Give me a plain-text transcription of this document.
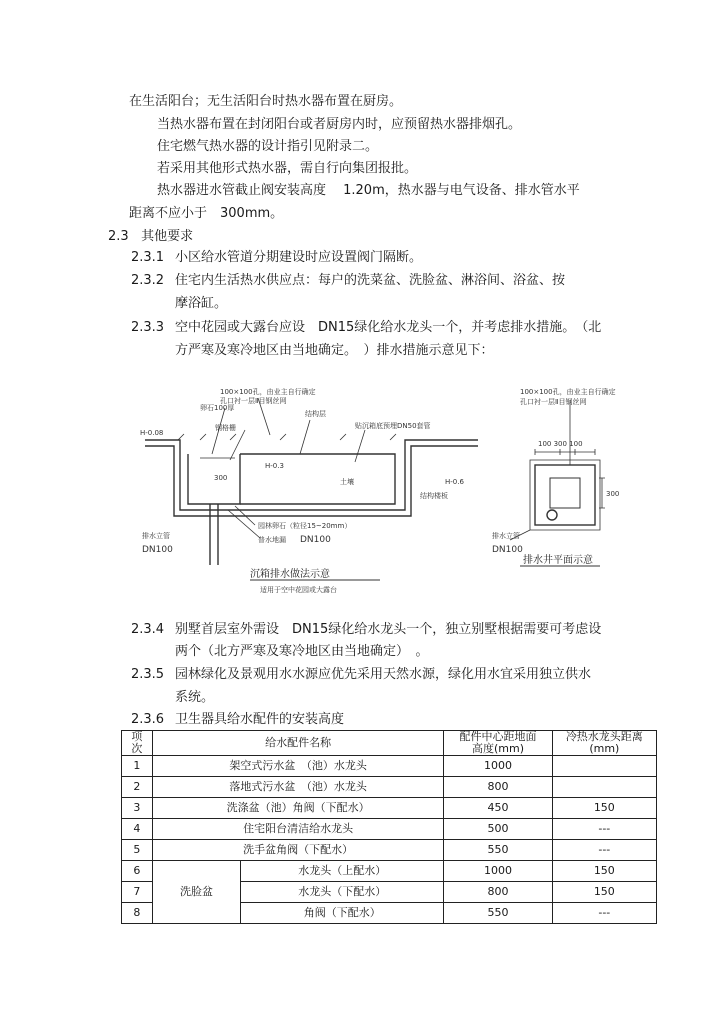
在生活阳台；无生活阳台时热水器布置在厨房。
当热水器布置在封闭阳台或者厨房内时，应预留热水器排烟孔。
住宅燃气热水器的设计指引见附录二。
若采用其他形式热水器，需自行向集团报批。
热水器进水管截止阀安装高度　 1.20m，热水器与电气设备、排水管水平
距离不应小于　300mm。
2.3 其他要求
2.3.1 小区给水管道分期建设时应设置阀门隔断。
2.3.2 住宅内生活热水供应点：每户的洗菜盆、洗脸盆、淋浴间、浴盆、按
摩浴缸。
2.3.3 空中花园或大露台应设　DN15绿化给水龙头一个，并考虑排水措施。　（北
方严寒及寒冷地区由当地确定。　）排水措施示意见下：
100×100孔，由业主自行确定
孔口衬一层Ⅱ目钢丝网
卵石100厚
钢格栅
结构层
贴沉箱底预埋DN50套管
H-0.08
H-0.3
H-0.6
300	土壤
结构楼板
排水立管
DN100
园林卵石（粒径15~20mm）
普水地漏 DN100
沉箱排水做法示意
适用于空中花园或大露台
100×100孔，由业主自行确定
孔口衬一层Ⅱ目钢丝网
100 300 100
300
排水立管
DN100
排水井平面示意
2.3.4 别墅首层室外需设　DN15绿化给水龙头一个，独立别墅根据需要可考虑设
两个（北方严寒及寒冷地区由当地确定）　。
2.3.5 园林绿化及景观用水水源应优先采用天然水源，绿化用水宜采用独立供水
系统。
2.3.6 卫生器具给水配件的安装高度
项
次	给水配件名称		配件中心距地面
高度(mm)	冷热水龙头距离
(mm)
1	架空式污水盆　（池）水龙头		1000	
2	落地式污水盆　（池）水龙头		800	
3	洗涤盆（池）角阀（下配水）		450	150
4	住宅阳台清洁给水龙头		500	---
5	洗手盆角阀（下配水）		550	---
6	洗脸盆	水龙头（上配水）	1000	150
7		水龙头（下配水）	800	150
8		角阀（下配水）	550	---
